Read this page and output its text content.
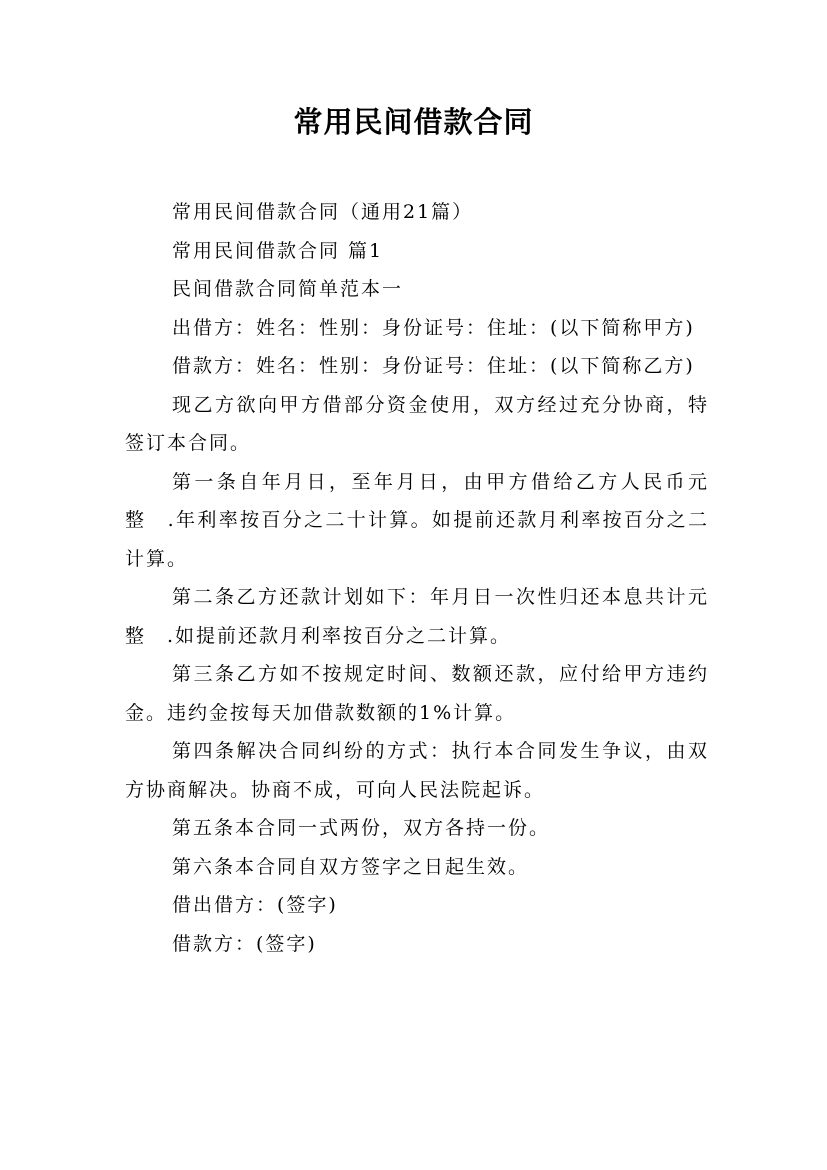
常用民间借款合同

常用民间借款合同（通用21篇）

常用民间借款合同 篇1

民间借款合同简单范本一

出借方：姓名：性别：身份证号：住址：(以下简称甲方)

借款方：姓名：性别：身份证号：住址：(以下简称乙方)

现乙方欲向甲方借部分资金使用，双方经过充分协商，特签订本合同。

第一条自年月日，至年月日，由甲方借给乙方人民币元整　.年利率按百分之二十计算。如提前还款月利率按百分之二计算。

第二条乙方还款计划如下：年月日一次性归还本息共计元整　.如提前还款月利率按百分之二计算。

第三条乙方如不按规定时间、数额还款，应付给甲方违约金。违约金按每天加借款数额的1%计算。

第四条解决合同纠纷的方式：执行本合同发生争议，由双方协商解决。协商不成，可向人民法院起诉。

第五条本合同一式两份，双方各持一份。

第六条本合同自双方签字之日起生效。

借出借方：(签字)

借款方：(签字)
